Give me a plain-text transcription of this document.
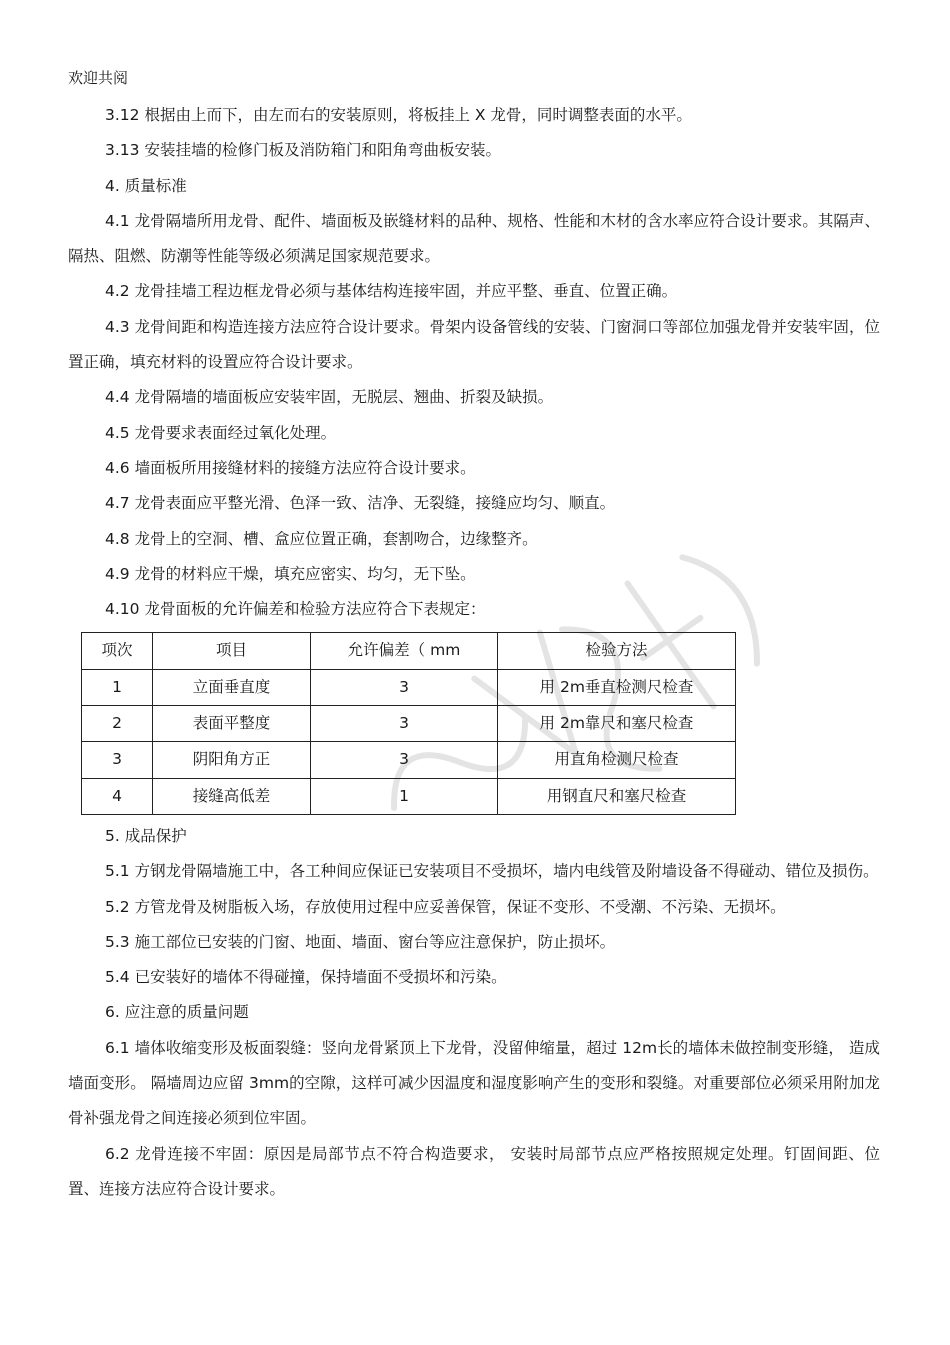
欢迎共阅

3.12 根据由上而下，由左而右的安装原则，将板挂上 X 龙骨，同时调整表面的水平。

3.13 安装挂墙的检修门板及消防箱门和阳角弯曲板安装。

4. 质量标准

4.1 龙骨隔墙所用龙骨、配件、墙面板及嵌缝材料的品种、规格、性能和木材的含水率应符合设计要求。其隔声、隔热、阻燃、防潮等性能等级必须满足国家规范要求。

4.2 龙骨挂墙工程边框龙骨必须与基体结构连接牢固，并应平整、垂直、位置正确。

4.3 龙骨间距和构造连接方法应符合设计要求。骨架内设备管线的安装、门窗洞口等部位加强龙骨并安装牢固，位置正确，填充材料的设置应符合设计要求。

4.4 龙骨隔墙的墙面板应安装牢固，无脱层、翘曲、折裂及缺损。

4.5 龙骨要求表面经过氧化处理。

4.6 墙面板所用接缝材料的接缝方法应符合设计要求。

4.7 龙骨表面应平整光滑、色泽一致、洁净、无裂缝，接缝应均匀、顺直。

4.8 龙骨上的空洞、槽、盒应位置正确，套割吻合，边缘整齐。

4.9 龙骨的材料应干燥，填充应密实、均匀，无下坠。

4.10 龙骨面板的允许偏差和检验方法应符合下表规定：

项次	项目	允许偏差（ mm	检验方法
1	立面垂直度	3	用 2m垂直检测尺检查
2	表面平整度	3	用 2m靠尺和塞尺检查
3	阴阳角方正	3	用直角检测尺检查
4	接缝高低差	1	用钢直尺和塞尺检查

5. 成品保护

5.1 方钢龙骨隔墙施工中，各工种间应保证已安装项目不受损坏，墙内电线管及附墙设备不得碰动、错位及损伤。

5.2 方管龙骨及树脂板入场，存放使用过程中应妥善保管，保证不变形、不受潮、不污染、无损坏。

5.3 施工部位已安装的门窗、地面、墙面、窗台等应注意保护，防止损坏。

5.4 已安装好的墙体不得碰撞，保持墙面不受损坏和污染。

6. 应注意的质量问题

6.1 墙体收缩变形及板面裂缝：竖向龙骨紧顶上下龙骨，没留伸缩量，超过 12m长的墙体未做控制变形缝， 造成墙面变形。 隔墙周边应留 3mm的空隙，这样可减少因温度和湿度影响产生的变形和裂缝。对重要部位必须采用附加龙骨补强龙骨之间连接必须到位牢固。

6.2 龙骨连接不牢固：原因是局部节点不符合构造要求， 安装时局部节点应严格按照规定处理。钉固间距、位置、连接方法应符合设计要求。
